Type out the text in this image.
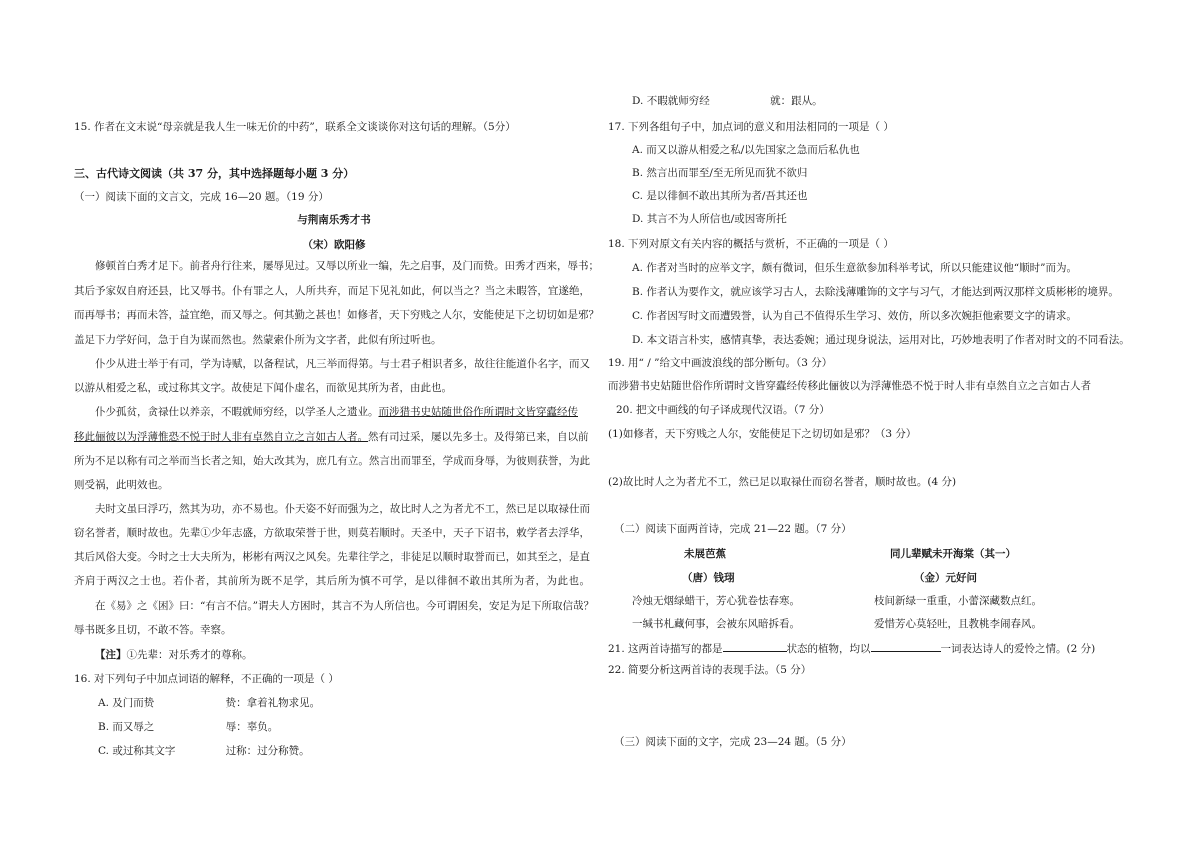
15. 作者在文末说“母亲就是我人生一味无价的中药”，联系全文谈谈你对这句话的理解。（5分）
三、古代诗文阅读（共 37 分，其中选择题每小题 3 分）
（一）阅读下面的文言文，完成 16—20 题。（19 分）
与荆南乐秀才书
（宋）欧阳修
修顿首白秀才足下。前者舟行往来，屡辱见过。又辱以所业一编，先之启事，及门而贽。田秀才西来，辱书；
其后予家奴自府还县，比又辱书。仆有罪之人，人所共弃，而足下见礼如此，何以当之？当之未暇答，宜遂绝，
而再辱书；再而未答，益宜绝，而又辱之。何其勤之甚也！如修者，天下穷贱之人尔，安能使足下之切切如是邪？
盖足下力学好问，急于自为谋而然也。然蒙索仆所为文字者，此似有所过听也。
仆少从进士举于有司，学为诗赋，以备程试，凡三举而得第。与士君子相识者多，故往往能道仆名字，而又
以游从相爱之私，或过称其文字。故使足下闻仆虚名，而欲见其所为者，由此也。
仆少孤贫，贪禄仕以养亲，不暇就师穷经，以学圣人之遗业。而涉猎书史姑随世俗作所谓时文皆穿蠹经传
移此俪彼以为浮薄惟恐不悦于时人非有卓然自立之言如古人者。然有司过采，屡以先多士。及得第已来，自以前
所为不足以称有司之举而当长者之知，始大改其为，庶几有立。然言出而罪至，学成而身辱，为彼则获誉，为此
则受祸，此明效也。
夫时文虽曰浮巧，然其为功，亦不易也。仆天姿不好而强为之，故比时人之为者尤不工，然已足以取禄仕而
窃名誉者，顺时故也。先辈①少年志盛，方欲取荣誉于世，则莫若顺时。天圣中，天子下诏书，敕学者去浮华，
其后风俗大变。今时之士大夫所为，彬彬有两汉之风矣。先辈往学之，非徒足以顺时取誉而已，如其至之，是直
齐肩于两汉之士也。若仆者，其前所为既不足学，其后所为慎不可学，是以徘徊不敢出其所为者，为此也。
在《易》之《困》曰：“有言不信。”谓夫人方困时，其言不为人所信也。今可谓困矣，安足为足下所取信哉？
辱书既多且切，不敢不答。幸察。
【注】①先辈：对乐秀才的尊称。
16. 对下列句子中加点词语的解释，不正确的一项是（ ）
A. 及门而贽	贽：拿着礼物求见。
B. 而又辱之	辱：辜负。
C. 或过称其文字	过称：过分称赞。
D. 不暇就师穷经	就：跟从。
17. 下列各组句子中，加点词的意义和用法相同的一项是（ ）
A. 而又以游从相爱之私/以先国家之急而后私仇也
B. 然言出而罪至/至无所见而犹不欲归
C. 是以徘徊不敢出其所为者/吾其还也
D. 其言不为人所信也/或因寄所托
18. 下列对原文有关内容的概括与赏析，不正确的一项是（ ）
A. 作者对当时的应举文字，颇有微词，但乐生意欲参加科举考试，所以只能建议他“顺时”而为。
B. 作者认为要作文，就应该学习古人，去除浅薄雕饰的文字与习气，才能达到两汉那样文质彬彬的境界。
C. 作者因写时文而遭毁誉，认为自己不值得乐生学习、效仿，所以多次婉拒他索要文字的请求。
D. 本文语言朴实，感情真挚，表达委婉；通过现身说法，运用对比，巧妙地表明了作者对时文的不同看法。
19. 用“ / ”给文中画波浪线的部分断句。（3 分）
而涉猎书史姑随世俗作所谓时文皆穿蠹经传移此俪彼以为浮薄惟恐不悦于时人非有卓然自立之言如古人者
20. 把文中画线的句子译成现代汉语。（7 分）
(1)如修者，天下穷贱之人尔，安能使足下之切切如是邪？（3 分）
(2)故比时人之为者尤不工，然已足以取禄仕而窃名誉者，顺时故也。(4 分)
（二）阅读下面两首诗，完成 21—22 题。（7 分）
未展芭蕉
（唐）钱珝
冷烛无烟绿蜡干，芳心犹卷怯春寒。
一缄书札藏何事，会被东风暗拆看。
同儿辈赋未开海棠（其一）
（金）元好问
枝间新绿一重重，小蕾深藏数点红。
爱惜芳心莫轻吐，且教桃李闹春风。
21. 这两首诗描写的都是	状态的植物，均以	一词表达诗人的爱怜之情。(2 分)
22. 简要分析这两首诗的表现手法。（5 分）
（三）阅读下面的文字，完成 23—24 题。（5 分）
